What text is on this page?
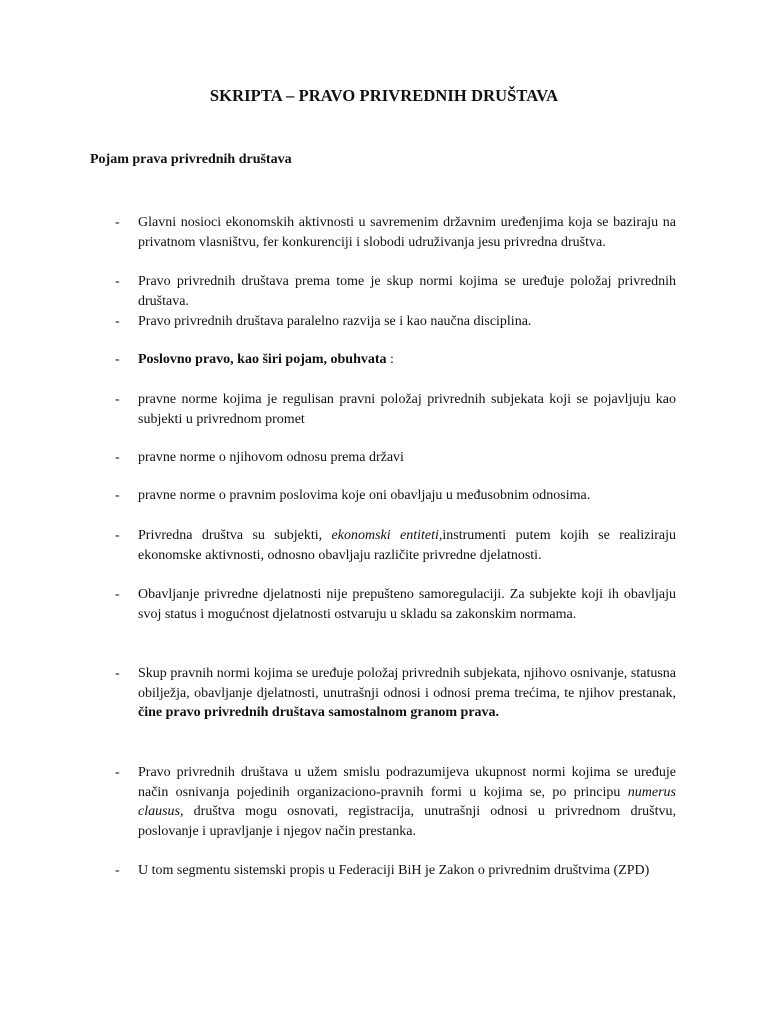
SKRIPTA – PRAVO PRIVREDNIH DRUŠTAVA
Pojam prava privrednih društava
- Glavni nosioci ekonomskih aktivnosti u savremenim državnim uređenjima koja se baziraju na privatnom vlasništvu, fer konkurenciji i slobodi udruživanja jesu privredna društva.
- Pravo privrednih društava prema tome je skup normi kojima se uređuje položaj privrednih društava.
- Pravo privrednih društava paralelno razvija se i kao naučna disciplina.
- Poslovno pravo, kao širi pojam, obuhvata :
- pravne norme kojima je regulisan pravni položaj privrednih subjekata koji se pojavljuju kao subjekti u privrednom promet
- pravne norme o njihovom odnosu prema državi
- pravne norme o pravnim poslovima koje oni obavljaju u međusobnim odnosima.
- Privredna društva su subjekti, ekonomski entiteti,instrumenti putem kojih se realiziraju ekonomske aktivnosti, odnosno obavljaju različite privredne djelatnosti.
- Obavljanje privredne djelatnosti nije prepušteno samoregulaciji. Za subjekte koji ih obavljaju svoj status i mogućnost djelatnosti ostvaruju u skladu sa zakonskim normama.
- Skup pravnih normi kojima se uređuje položaj privrednih subjekata, njihovo osnivanje, statusna obilježja, obavljanje djelatnosti, unutrašnji odnosi i odnosi prema trećima, te njihov prestanak, čine pravo privrednih društava samostalnom granom prava.
- Pravo privrednih društava u užem smislu podrazumijeva ukupnost normi kojima se uređuje način osnivanja pojedinih organizaciono-pravnih formi u kojima se, po principu numerus clausus, društva mogu osnovati, registracija, unutrašnji odnosi u privrednom društvu, poslovanje i upravljanje i njegov način prestanka.
- U tom segmentu sistemski propis u Federaciji BiH je Zakon o privrednim društvima (ZPD)
